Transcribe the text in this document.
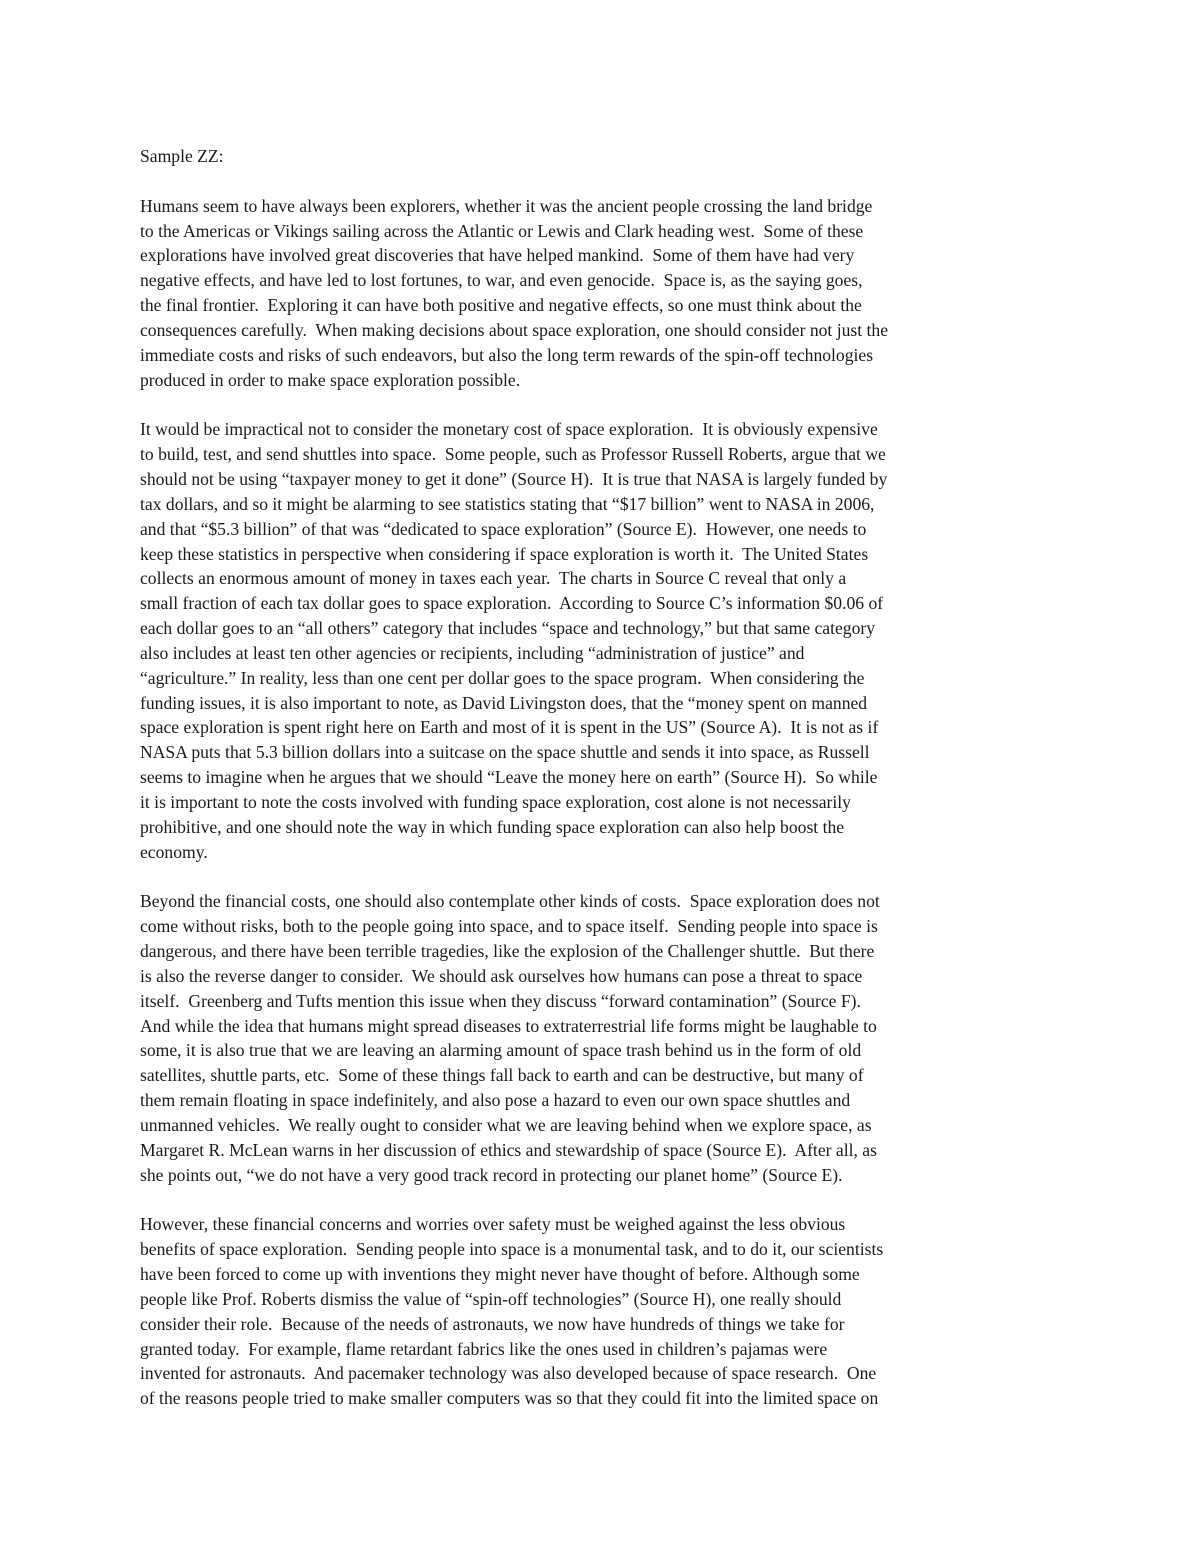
Sample ZZ:
Humans seem to have always been explorers, whether it was the ancient people crossing the land bridge
to the Americas or Vikings sailing across the Atlantic or Lewis and Clark heading west.  Some of these
explorations have involved great discoveries that have helped mankind.  Some of them have had very
negative effects, and have led to lost fortunes, to war, and even genocide.  Space is, as the saying goes,
the final frontier.  Exploring it can have both positive and negative effects, so one must think about the
consequences carefully.  When making decisions about space exploration, one should consider not just the
immediate costs and risks of such endeavors, but also the long term rewards of the spin-off technologies
produced in order to make space exploration possible.
It would be impractical not to consider the monetary cost of space exploration.  It is obviously expensive
to build, test, and send shuttles into space.  Some people, such as Professor Russell Roberts, argue that we
should not be using “taxpayer money to get it done” (Source H).  It is true that NASA is largely funded by
tax dollars, and so it might be alarming to see statistics stating that “$17 billion” went to NASA in 2006,
and that “$5.3 billion” of that was “dedicated to space exploration” (Source E).  However, one needs to
keep these statistics in perspective when considering if space exploration is worth it.  The United States
collects an enormous amount of money in taxes each year.  The charts in Source C reveal that only a
small fraction of each tax dollar goes to space exploration.  According to Source C’s information $0.06 of
each dollar goes to an “all others” category that includes “space and technology,” but that same category
also includes at least ten other agencies or recipients, including “administration of justice” and
“agriculture.” In reality, less than one cent per dollar goes to the space program.  When considering the
funding issues, it is also important to note, as David Livingston does, that the “money spent on manned
space exploration is spent right here on Earth and most of it is spent in the US” (Source A).  It is not as if
NASA puts that 5.3 billion dollars into a suitcase on the space shuttle and sends it into space, as Russell
seems to imagine when he argues that we should “Leave the money here on earth” (Source H).  So while
it is important to note the costs involved with funding space exploration, cost alone is not necessarily
prohibitive, and one should note the way in which funding space exploration can also help boost the
economy.
Beyond the financial costs, one should also contemplate other kinds of costs.  Space exploration does not
come without risks, both to the people going into space, and to space itself.  Sending people into space is
dangerous, and there have been terrible tragedies, like the explosion of the Challenger shuttle.  But there
is also the reverse danger to consider.  We should ask ourselves how humans can pose a threat to space
itself.  Greenberg and Tufts mention this issue when they discuss “forward contamination” (Source F).
And while the idea that humans might spread diseases to extraterrestrial life forms might be laughable to
some, it is also true that we are leaving an alarming amount of space trash behind us in the form of old
satellites, shuttle parts, etc.  Some of these things fall back to earth and can be destructive, but many of
them remain floating in space indefinitely, and also pose a hazard to even our own space shuttles and
unmanned vehicles.  We really ought to consider what we are leaving behind when we explore space, as
Margaret R. McLean warns in her discussion of ethics and stewardship of space (Source E).  After all, as
she points out, “we do not have a very good track record in protecting our planet home” (Source E).
However, these financial concerns and worries over safety must be weighed against the less obvious
benefits of space exploration.  Sending people into space is a monumental task, and to do it, our scientists
have been forced to come up with inventions they might never have thought of before. Although some
people like Prof. Roberts dismiss the value of “spin-off technologies” (Source H), one really should
consider their role.  Because of the needs of astronauts, we now have hundreds of things we take for
granted today.  For example, flame retardant fabrics like the ones used in children’s pajamas were
invented for astronauts.  And pacemaker technology was also developed because of space research.  One
of the reasons people tried to make smaller computers was so that they could fit into the limited space on
